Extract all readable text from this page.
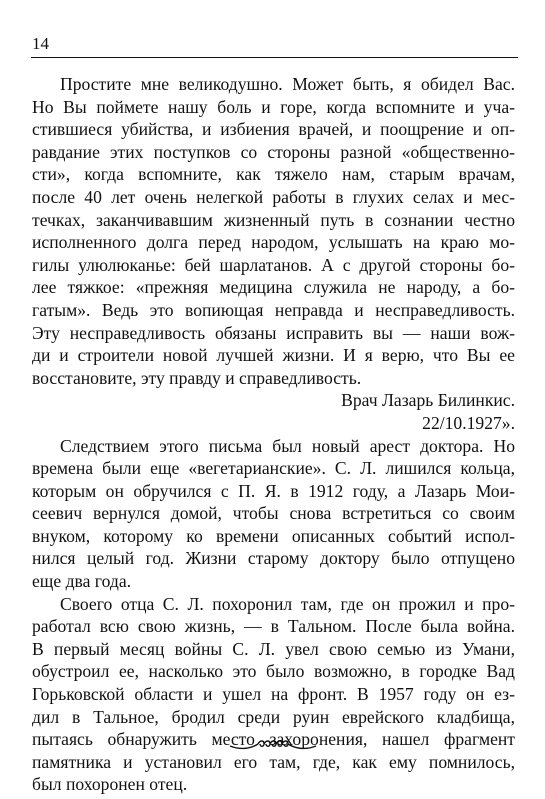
14
Простите мне великодушно. Может быть, я обидел Вас.
Но Вы поймете нашу боль и горе, когда вспомните и уча-
стившиеся убийства, и избиения врачей, и поощрение и оп-
равдание этих поступков со стороны разной «общественно-
сти», когда вспомните, как тяжело нам, старым врачам,
после 40 лет очень нелегкой работы в глухих селах и мес-
течках, заканчивавшим жизненный путь в сознании честно
исполненного долга перед народом, услышать на краю мо-
гилы улюлюканье: бей шарлатанов. А с другой стороны бо-
лее тяжкое: «прежняя медицина служила не народу, а бо-
гатым». Ведь это вопиющая неправда и несправедливость.
Эту несправедливость обязаны исправить вы — наши вож-
ди и строители новой лучшей жизни. И я верю, что Вы ее
восстановите, эту правду и справедливость.
Врач Лазарь Билинкис.
22/10.1927».
Следствием этого письма был новый арест доктора. Но
времена были еще «вегетарианские». С. Л. лишился кольца,
которым он обручился с П. Я. в 1912 году, а Лазарь Мои-
сеевич вернулся домой, чтобы снова встретиться со своим
внуком, которому ко времени описанных событий испол-
нился целый год. Жизни старому доктору было отпущено
еще два года.
Своего отца С. Л. похоронил там, где он прожил и про-
работал всю свою жизнь, — в Тальном. После была война.
В первый месяц войны С. Л. увел свою семью из Умани,
обустроил ее, насколько это было возможно, в городке Вад
Горьковской области и ушел на фронт. В 1957 году он ез-
дил в Тальное, бродил среди руин еврейского кладбища,
пытаясь обнаружить место захоронения, нашел фрагмент
памятника и установил его там, где, как ему помнилось,
был похоронен отец.
